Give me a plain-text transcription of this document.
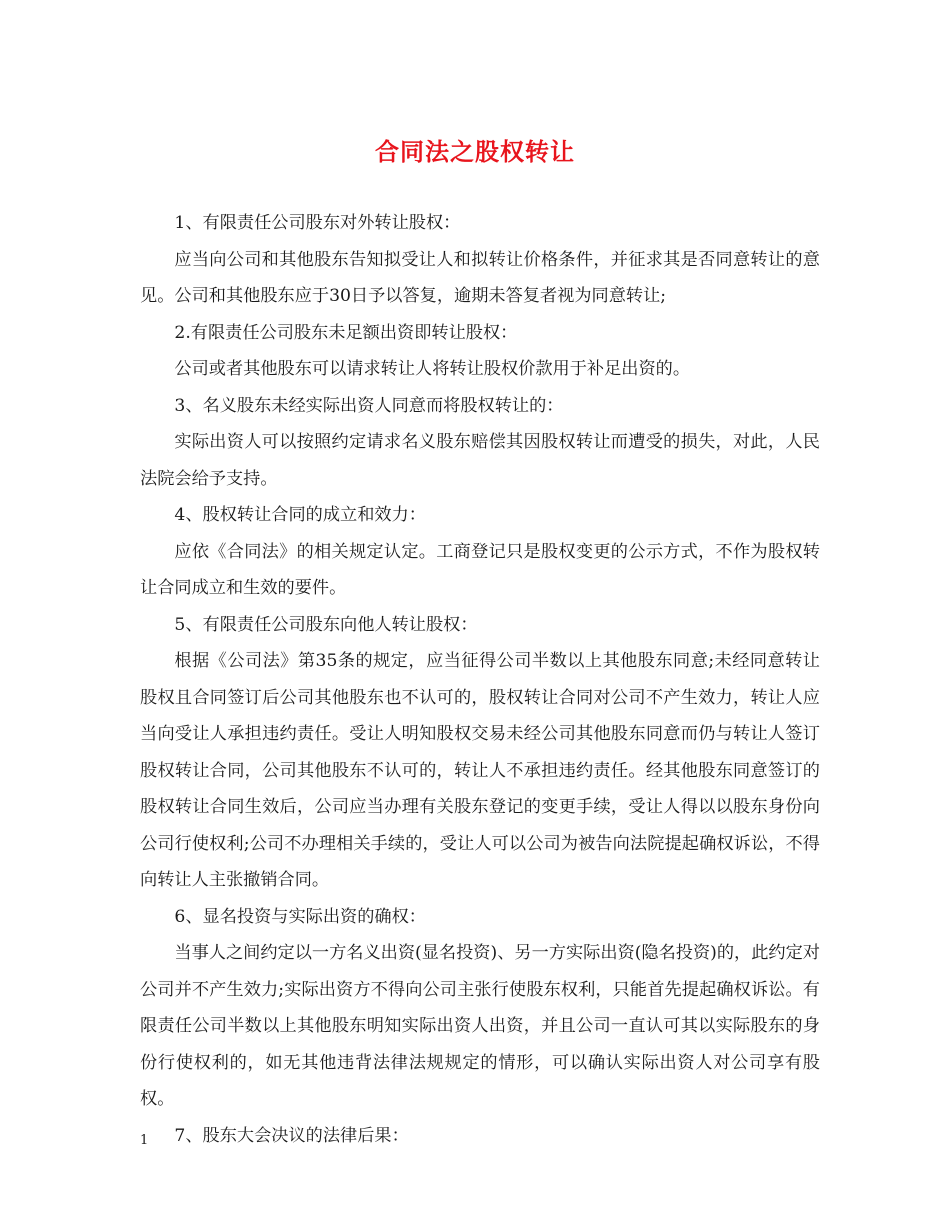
合同法之股权转让

1、有限责任公司股东对外转让股权：

应当向公司和其他股东告知拟受让人和拟转让价格条件，并征求其是否同意转让的意见。公司和其他股东应于30日予以答复，逾期未答复者视为同意转让;

2.有限责任公司股东未足额出资即转让股权：

公司或者其他股东可以请求转让人将转让股权价款用于补足出资的。

3、名义股东未经实际出资人同意而将股权转让的：

实际出资人可以按照约定请求名义股东赔偿其因股权转让而遭受的损失，对此，人民法院会给予支持。

4、股权转让合同的成立和效力：

应依《合同法》的相关规定认定。工商登记只是股权变更的公示方式，不作为股权转让合同成立和生效的要件。

5、有限责任公司股东向他人转让股权：

根据《公司法》第35条的规定，应当征得公司半数以上其他股东同意;未经同意转让股权且合同签订后公司其他股东也不认可的，股权转让合同对公司不产生效力，转让人应当向受让人承担违约责任。受让人明知股权交易未经公司其他股东同意而仍与转让人签订股权转让合同，公司其他股东不认可的，转让人不承担违约责任。经其他股东同意签订的股权转让合同生效后，公司应当办理有关股东登记的变更手续，受让人得以以股东身份向公司行使权利;公司不办理相关手续的，受让人可以公司为被告向法院提起确权诉讼，不得向转让人主张撤销合同。

6、显名投资与实际出资的确权：

当事人之间约定以一方名义出资(显名投资)、另一方实际出资(隐名投资)的，此约定对公司并不产生效力;实际出资方不得向公司主张行使股东权利，只能首先提起确权诉讼。有限责任公司半数以上其他股东明知实际出资人出资，并且公司一直认可其以实际股东的身份行使权利的，如无其他违背法律法规规定的情形，可以确认实际出资人对公司享有股权。

7、股东大会决议的法律后果：

1
